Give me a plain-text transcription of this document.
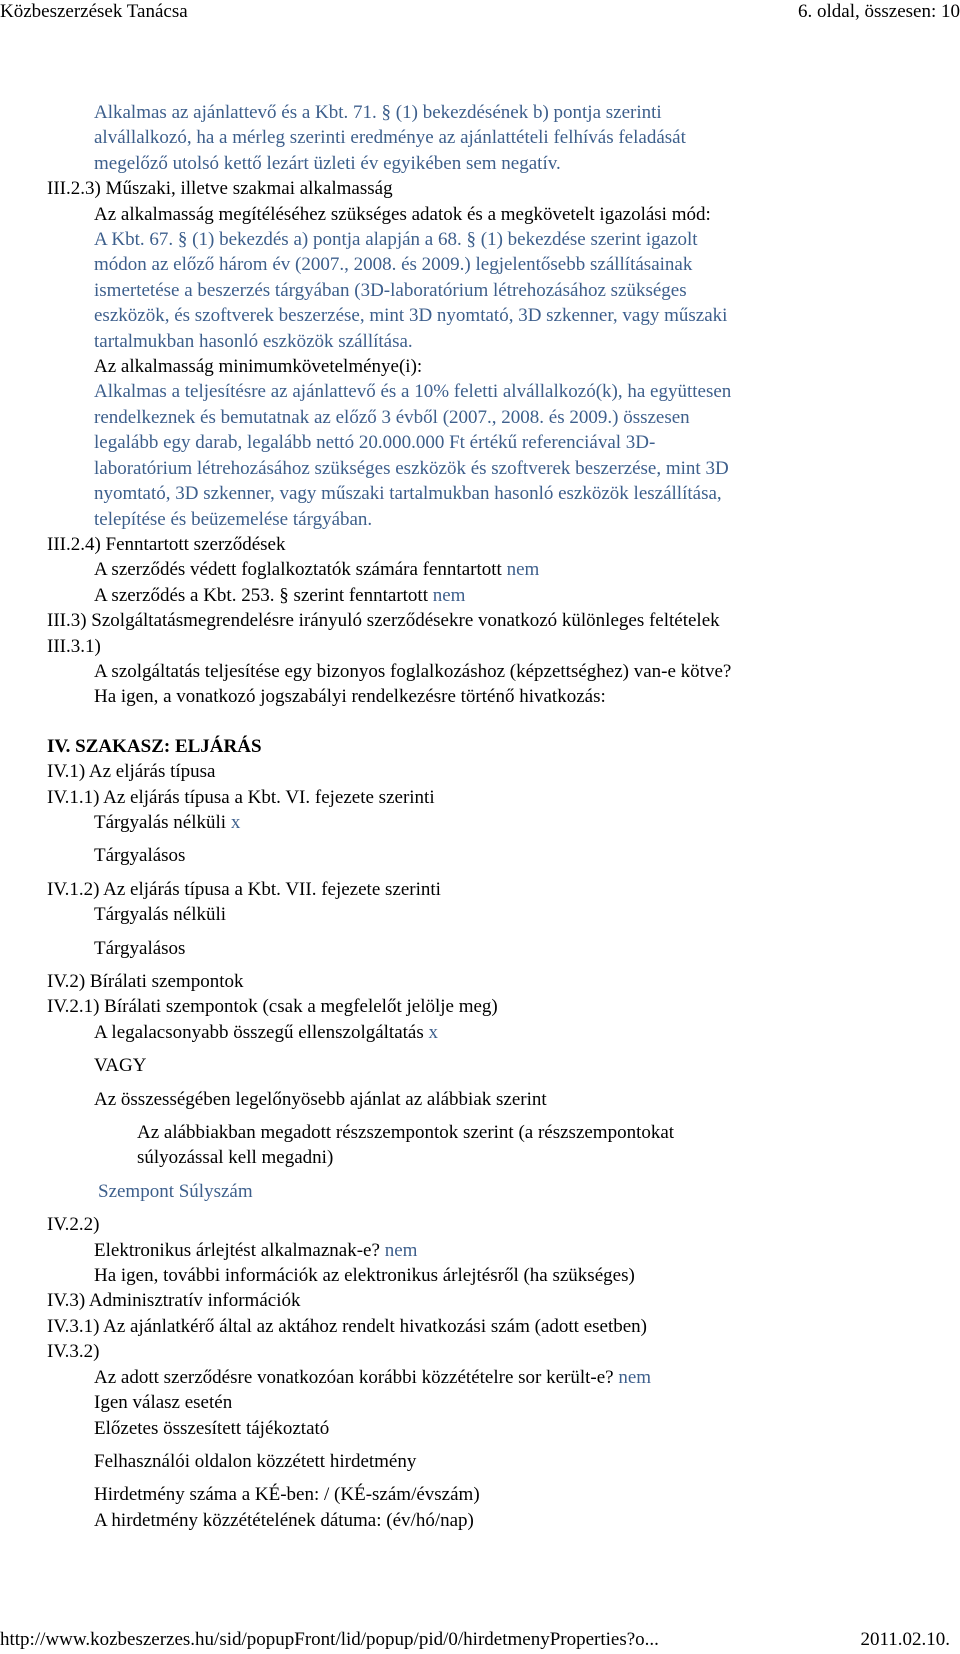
Közbeszerzések Tanácsa	6. oldal, összesen: 10
Alkalmas az ajánlattevő és a Kbt. 71. § (1) bekezdésének b) pontja szerinti
alvállalkozó, ha a mérleg szerinti eredménye az ajánlattételi felhívás feladását
megelőző utolsó kettő lezárt üzleti év egyikében sem negatív.
III.2.3) Műszaki, illetve szakmai alkalmasság
Az alkalmasság megítéléséhez szükséges adatok és a megkövetelt igazolási mód:
A Kbt. 67. § (1) bekezdés a) pontja alapján a 68. § (1) bekezdése szerint igazolt
módon az előző három év (2007., 2008. és 2009.) legjelentősebb szállításainak
ismertetése a beszerzés tárgyában (3D-laboratórium létrehozásához szükséges
eszközök, és szoftverek beszerzése, mint 3D nyomtató, 3D szkenner, vagy műszaki
tartalmukban hasonló eszközök szállítása.
Az alkalmasság minimumkövetelménye(i):
Alkalmas a teljesítésre az ajánlattevő és a 10% feletti alvállalkozó(k), ha együttesen
rendelkeznek és bemutatnak az előző 3 évből (2007., 2008. és 2009.) összesen
legalább egy darab, legalább nettó 20.000.000 Ft értékű referenciával 3D-
laboratórium létrehozásához szükséges eszközök és szoftverek beszerzése, mint 3D
nyomtató, 3D szkenner, vagy műszaki tartalmukban hasonló eszközök leszállítása,
telepítése és beüzemelése tárgyában.
III.2.4) Fenntartott szerződések
A szerződés védett foglalkoztatók számára fenntartott nem
A szerződés a Kbt. 253. § szerint fenntartott nem
III.3) Szolgáltatásmegrendelésre irányuló szerződésekre vonatkozó különleges feltételek
III.3.1)
A szolgáltatás teljesítése egy bizonyos foglalkozáshoz (képzettséghez) van-e kötve?
Ha igen, a vonatkozó jogszabályi rendelkezésre történő hivatkozás:
IV. SZAKASZ: ELJÁRÁS
IV.1) Az eljárás típusa
IV.1.1) Az eljárás típusa a Kbt. VI. fejezete szerinti
Tárgyalás nélküli x
Tárgyalásos
IV.1.2) Az eljárás típusa a Kbt. VII. fejezete szerinti
Tárgyalás nélküli
Tárgyalásos
IV.2) Bírálati szempontok
IV.2.1) Bírálati szempontok (csak a megfelelőt jelölje meg)
A legalacsonyabb összegű ellenszolgáltatás x
VAGY
Az összességében legelőnyösebb ajánlat az alábbiak szerint
Az alábbiakban megadott részszempontok szerint (a részszempontokat
súlyozással kell megadni)
Szempont Súlyszám
IV.2.2)
Elektronikus árlejtést alkalmaznak-e? nem
Ha igen, további információk az elektronikus árlejtésről (ha szükséges)
IV.3) Adminisztratív információk
IV.3.1) Az ajánlatkérő által az aktához rendelt hivatkozási szám (adott esetben)
IV.3.2)
Az adott szerződésre vonatkozóan korábbi közzétételre sor került-e? nem
Igen válasz esetén
Előzetes összesített tájékoztató
Felhasználói oldalon közzétett hirdetmény
Hirdetmény száma a KÉ-ben: / (KÉ-szám/évszám)
A hirdetmény közzétételének dátuma: (év/hó/nap)
http://www.kozbeszerzes.hu/sid/popupFront/lid/popup/pid/0/hirdetmenyProperties?o...	2011.02.10.
